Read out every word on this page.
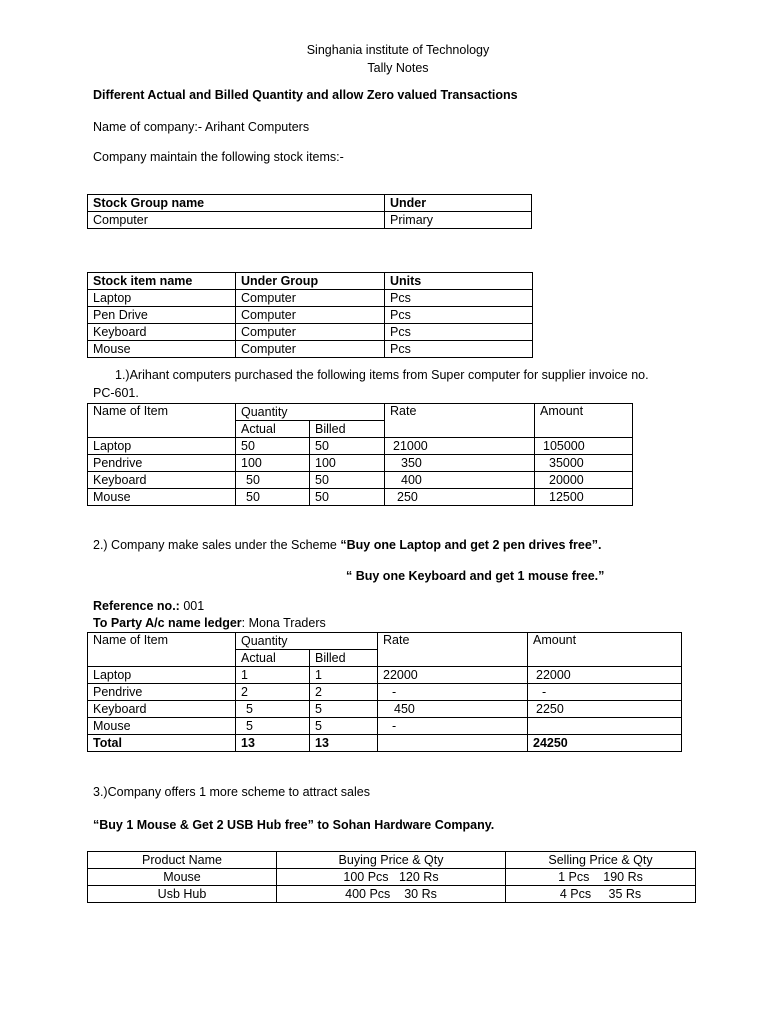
Singhania institute of Technology
Tally Notes
Different Actual and Billed Quantity and allow Zero valued Transactions
Name of company:- Arihant Computers
Company maintain the following stock items:-
Stock Group name	Under
Computer	Primary
Stock item name	Under Group	Units
Laptop	Computer	Pcs
Pen Drive	Computer	Pcs
Keyboard	Computer	Pcs
Mouse	Computer	Pcs
1.)Arihant computers purchased the following items from Super computer for supplier invoice no.
PC-601.
Name of Item	Quantity		Rate	Amount
	Actual	Billed		
Laptop	50	50	21000	105000
Pendrive	100	100	350	35000
Keyboard	50	50	400	20000
Mouse	50	50	250	12500
2.) Company make sales under the Scheme “Buy one Laptop and get 2 pen drives free”.
“ Buy one Keyboard and get 1 mouse free.”
Reference no.: 001
To Party A/c name ledger: Mona Traders
Name of Item	Quantity		Rate	Amount
	Actual	Billed		
Laptop	1	1	22000	22000
Pendrive	2	2	-	-
Keyboard	5	5	450	2250
Mouse	5	5	-	
Total	13	13		24250
3.)Company offers 1 more scheme to attract sales
“Buy 1 Mouse & Get 2 USB Hub free” to Sohan Hardware Company.
Product Name	Buying Price & Qty	Selling Price & Qty
Mouse	100 Pcs   120 Rs	1 Pcs    190 Rs
Usb Hub	400 Pcs    30 Rs	4 Pcs     35 Rs
